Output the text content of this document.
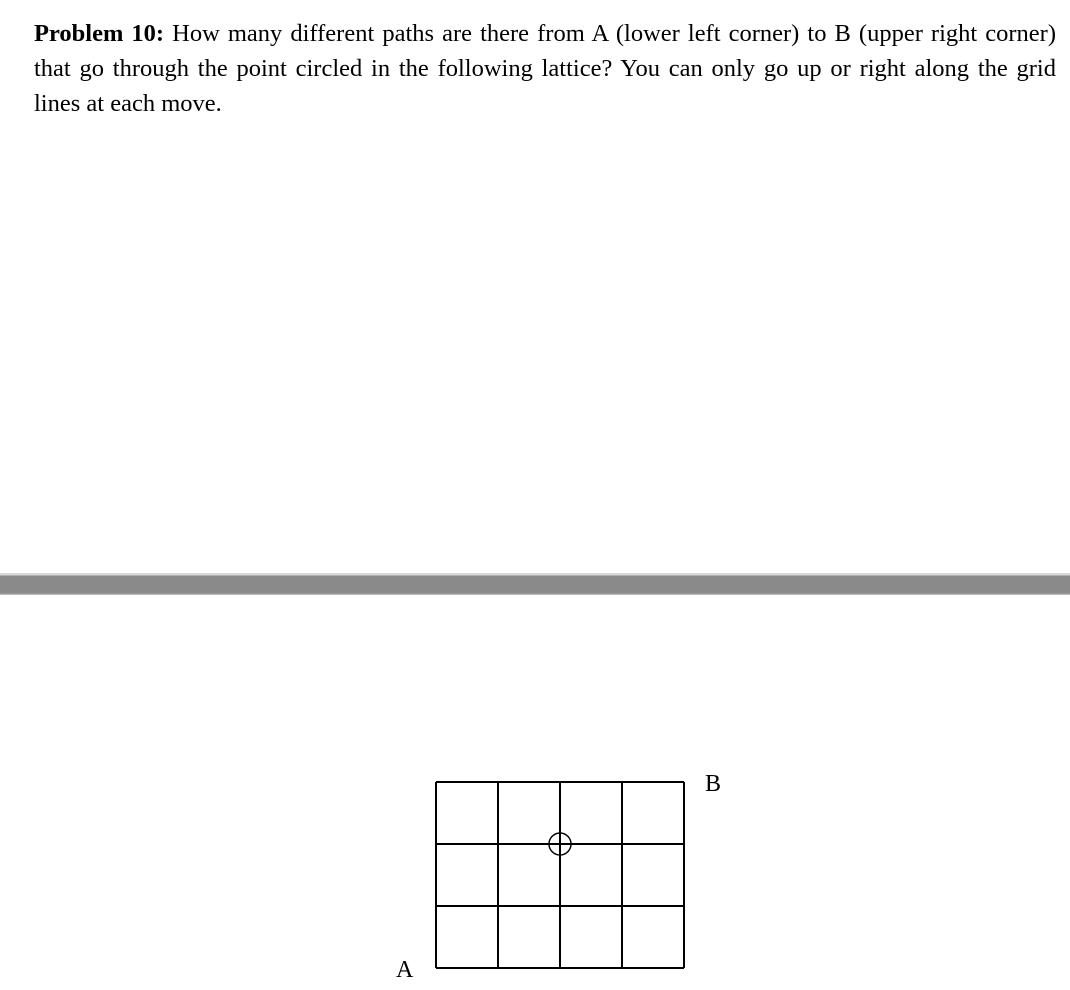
Problem 10: How many different paths are there from A (lower left corner) to B (upper right corner) that go through the point circled in the following lattice? You can only go up or right along the grid lines at each move.

A
B
